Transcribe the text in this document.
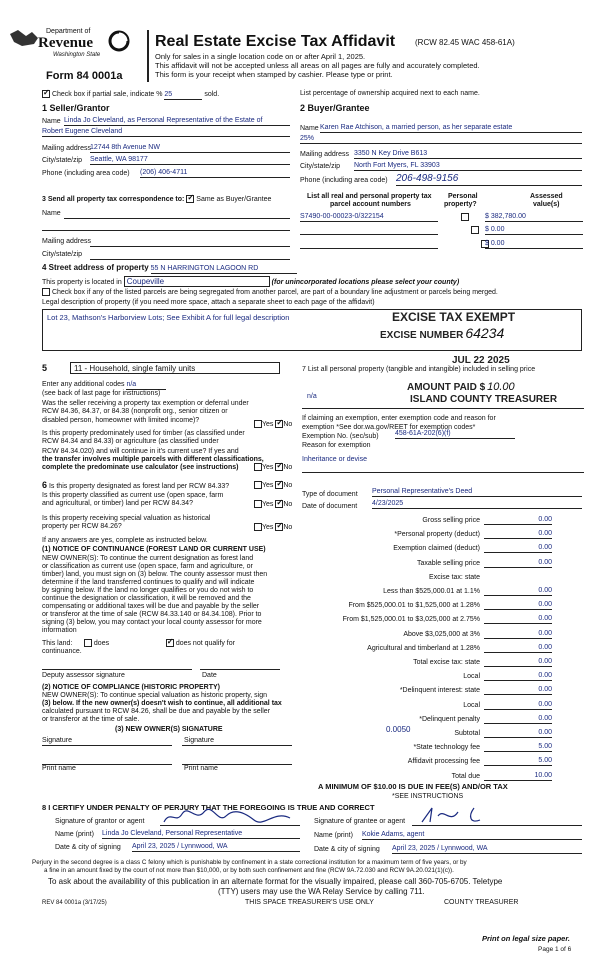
Department of
Revenue
Washington State
Form 84 0001a
Real Estate Excise Tax Affidavit (RCW 82.45 WAC 458-61A)
Only for sales in a single location code on or after April 1, 2025.
This affidavit will not be accepted unless all areas on all pages are fully and accurately completed.
This form is your receipt when stamped by cashier. Please type or print.
✓ Check box if partial sale, indicate % 25	sold.	List percentage of ownership acquired next to each name.
1 Seller/Grantor
Name Linda Jo Cleveland, as Personal Representative of the Estate of
Robert Eugene Cleveland
Mailing address
12744 8th Avenue NW
City/state/zip Seattle, WA 98177
Phone (including area code) (206) 406-4711
2 Buyer/Grantee
Name Karen Rae Atchison, a married person, as her separate estate
25%
Mailing address 3350 N Key Drive B613
City/state/zip North Fort Myers, FL 33903
Phone (including area code) 206-498-9156
3 Send all property tax correspondence to: ✓ Same as Buyer/Grantee
Name
Mailing address
City/state/zip
List all real and personal property tax
parcel account numbers
Personal
property?
Assessed
value(s)
S7490-00-00023-0/322154
	$ 382,780.00

$ 0.00
$ 0.00
4 Street address of property 55 N HARRINGTON LAGOON RD
This property is located in Coupeville	(for unincorporated locations please select your county)
Check box if any of the listed parcels are being segregated from another parcel, are part of a boundary line adjustment or parcels being merged.
Legal description of property (if you need more space, attach a separate sheet to each page of the affidavit)
Lot 23, Mathson's Harborview Lots; See Exhibit A for full legal description	EXCISE TAX EXEMPT
EXCISE NUMBER 64234
JUL 22 2025
5	11 - Household, single family units
Enter any additional codes n/a
(see back of last page for instructions)
Was the seller receiving a property tax exemption or deferral under RCW 84.36, 84.37, or 84.38 (nonprofit org., senior citizen or disabled person, homeowner with limited income)?
Yes ✓ No
Is this property predominately used for timber (as classified under RCW 84.34 and 84.33) or agriculture (as classified under
RCW 84.34.020) and will continue in it's current use? If yes and
the transfer involves multiple parcels with different classifications,
complete the predominate use calculator (see instructions)	Yes ✓ No
6 Is this property designated as forest land per RCW 84.33?	Yes ✓ No
Is this property classified as current use (open space, farm
and agricultural, or timber) land per RCW 84.34?	Yes ✓ No
Is this property receiving special valuation as historical
property per RCW 84.26?	Yes ✓ No
If any answers are yes, complete as instructed below.
(1) NOTICE OF CONTINUANCE (FOREST LAND OR CURRENT USE)
NEW OWNER(S): To continue the current designation as forest land
or classification as current use (open space, farm and agriculture, or
timber) land, you must sign on (3) below. The county assessor must then
determine if the land transferred continues to qualify and will indicate
by signing below. If the land no longer qualifies or you do not wish to
continue the designation or classification, it will be removed and the
compensating or additional taxes will be due and payable by the seller
or transferor at the time of sale (RCW 84.33.140 or 84.34.108). Prior to
signing (3) below, you may contact your local county assessor for more
information
This land:	does ✓	does not qualify for
continuance.
Deputy assessor signature	Date
(2) NOTICE OF COMPLIANCE (HISTORIC PROPERTY)
NEW OWNER(S): To continue special valuation as historic property, sign
(3) below. If the new owner(s) doesn't wish to continue, all additional tax
calculated pursuant to RCW 84.26, shall be due and payable by the seller
or transferor at the time of sale.
(3) NEW OWNER(S) SIGNATURE
Signature	Signature
Print name	Print name
7 List all personal property (tangible and intangible) included in selling price
n/a
AMOUNT PAID $ 10.00
ISLAND COUNTY TREASURER
If claiming an exemption, enter exemption code and reason for
exemption *See dor.wa.gov/REET for exemption codes*
Exemption No. (sec/sub) 458-61A-202(6)(f)
Reason for exemption
Inheritance or devise
Type of document Personal Representative's Deed
Date of document 4/23/2025
Gross selling price	0.00
*Personal property (deduct)	0.00
Exemption claimed (deduct)	0.00
Taxable selling price	0.00
Excise tax: state
Less than $525,000.01 at 1.1%	0.00
From $525,000.01 to $1,525,000 at 1.28%	0.00
From $1,525,000.01 to $3,025,000 at 2.75%	0.00
Above $3,025,000 at 3%	0.00
Agricultural and timberland at 1.28%	0.00
Total excise tax: state	0.00
Local	0.00
*Delinquent interest: state	0.00
Local	0.00
*Delinquent penalty	0.00
Subtotal	0.00
*State technology fee	5.00
Affidavit processing fee	5.00
Total due	10.00
0.0050
A MINIMUM OF $10.00 IS DUE IN FEE(S) AND/OR TAX
*SEE INSTRUCTIONS
8 I CERTIFY UNDER PENALTY OF PERJURY THAT THE FOREGOING IS TRUE AND CORRECT
Signature of grantor or agent	Signature of grantee or agent
Name (print) Linda Jo Cleveland, Personal Representative	Name (print) Kokie Adams, agent
Date & city of signing April 23, 2025 / Lynnwood, WA	Date & city of signing April 23, 2025 / Lynnwood, WA
Perjury in the second degree is a class C felony which is punishable by confinement in a state correctional institution for a maximum term of five years, or by
a fine in an amount fixed by the court of not more than $10,000, or by both such confinement and fine (RCW 9A.72.030 and RCW 9A.20.021(1)(c)).
To ask about the availability of this publication in an alternate format for the visually impaired, please call 360-705-6705. Teletype
(TTY) users may use the WA Relay Service by calling 711.
REV 84 0001a (3/17/25)	THIS SPACE TREASURER'S USE ONLY	COUNTY TREASURER
Print on legal size paper.
Page 1 of 6
